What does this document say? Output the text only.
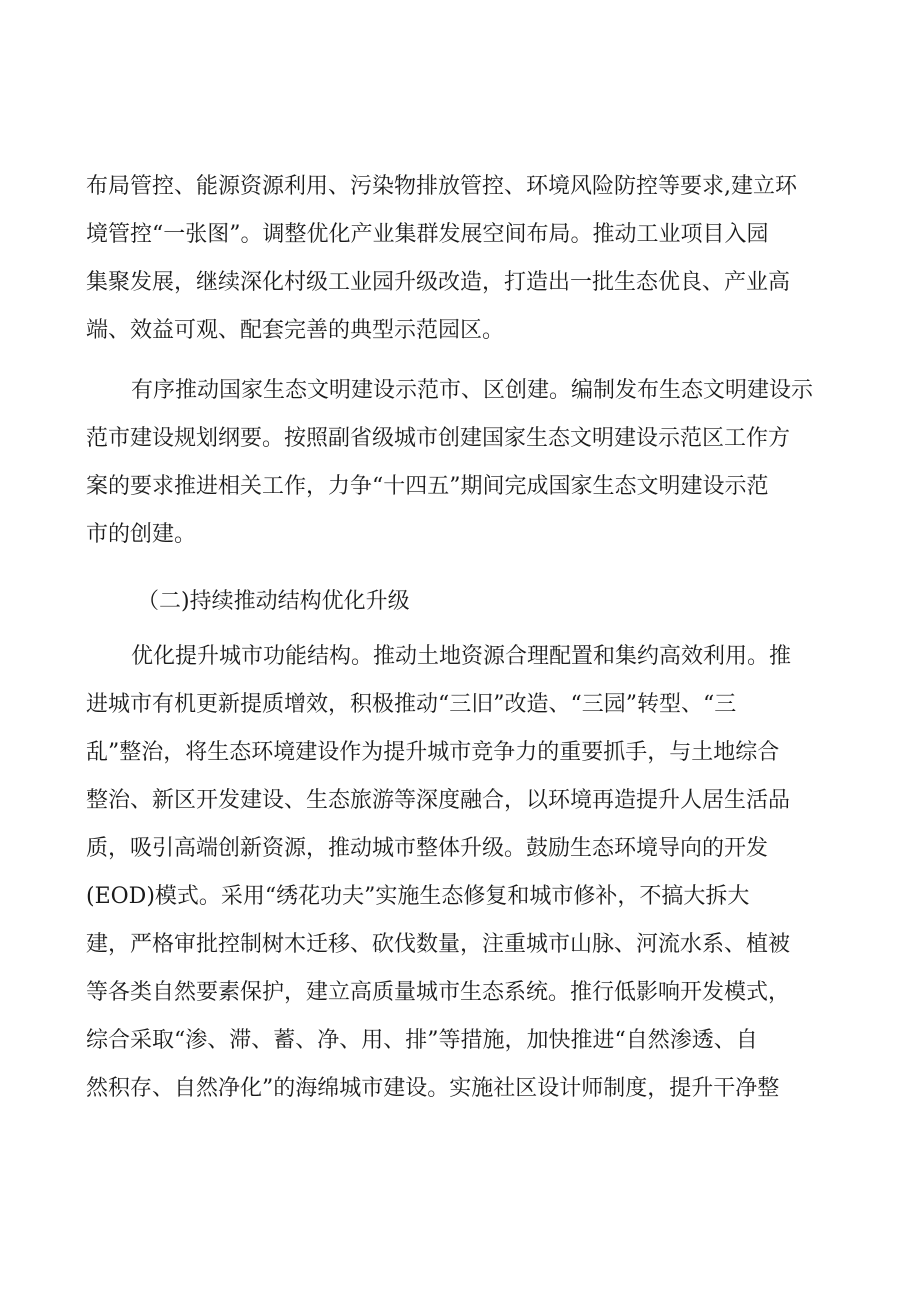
布局管控、能源资源利用、污染物排放管控、环境风险防控等要求,建立环
境管控“一张图”。调整优化产业集群发展空间布局。推动工业项目入园
集聚发展，继续深化村级工业园升级改造，打造出一批生态优良、产业高
端、效益可观、配套完善的典型示范园区。
有序推动国家生态文明建设示范市、区创建。编制发布生态文明建设示
范市建设规划纲要。按照副省级城市创建国家生态文明建设示范区工作方
案的要求推进相关工作，力争“十四五”期间完成国家生态文明建设示范
市的创建。
（二)持续推动结构优化升级
优化提升城市功能结构。推动土地资源合理配置和集约高效利用。推
进城市有机更新提质增效，积极推动“三旧”改造、“三园”转型、“三
乱”整治，将生态环境建设作为提升城市竞争力的重要抓手，与土地综合
整治、新区开发建设、生态旅游等深度融合，以环境再造提升人居生活品
质，吸引高端创新资源，推动城市整体升级。鼓励生态环境导向的开发
(EOD)模式。采用“绣花功夫”实施生态修复和城市修补，不搞大拆大
建，严格审批控制树木迁移、砍伐数量，注重城市山脉、河流水系、植被
等各类自然要素保护，建立高质量城市生态系统。推行低影响开发模式，
综合采取“渗、滞、蓄、净、用、排”等措施，加快推进“自然渗透、自
然积存、自然净化”的海绵城市建设。实施社区设计师制度，提升干净整
